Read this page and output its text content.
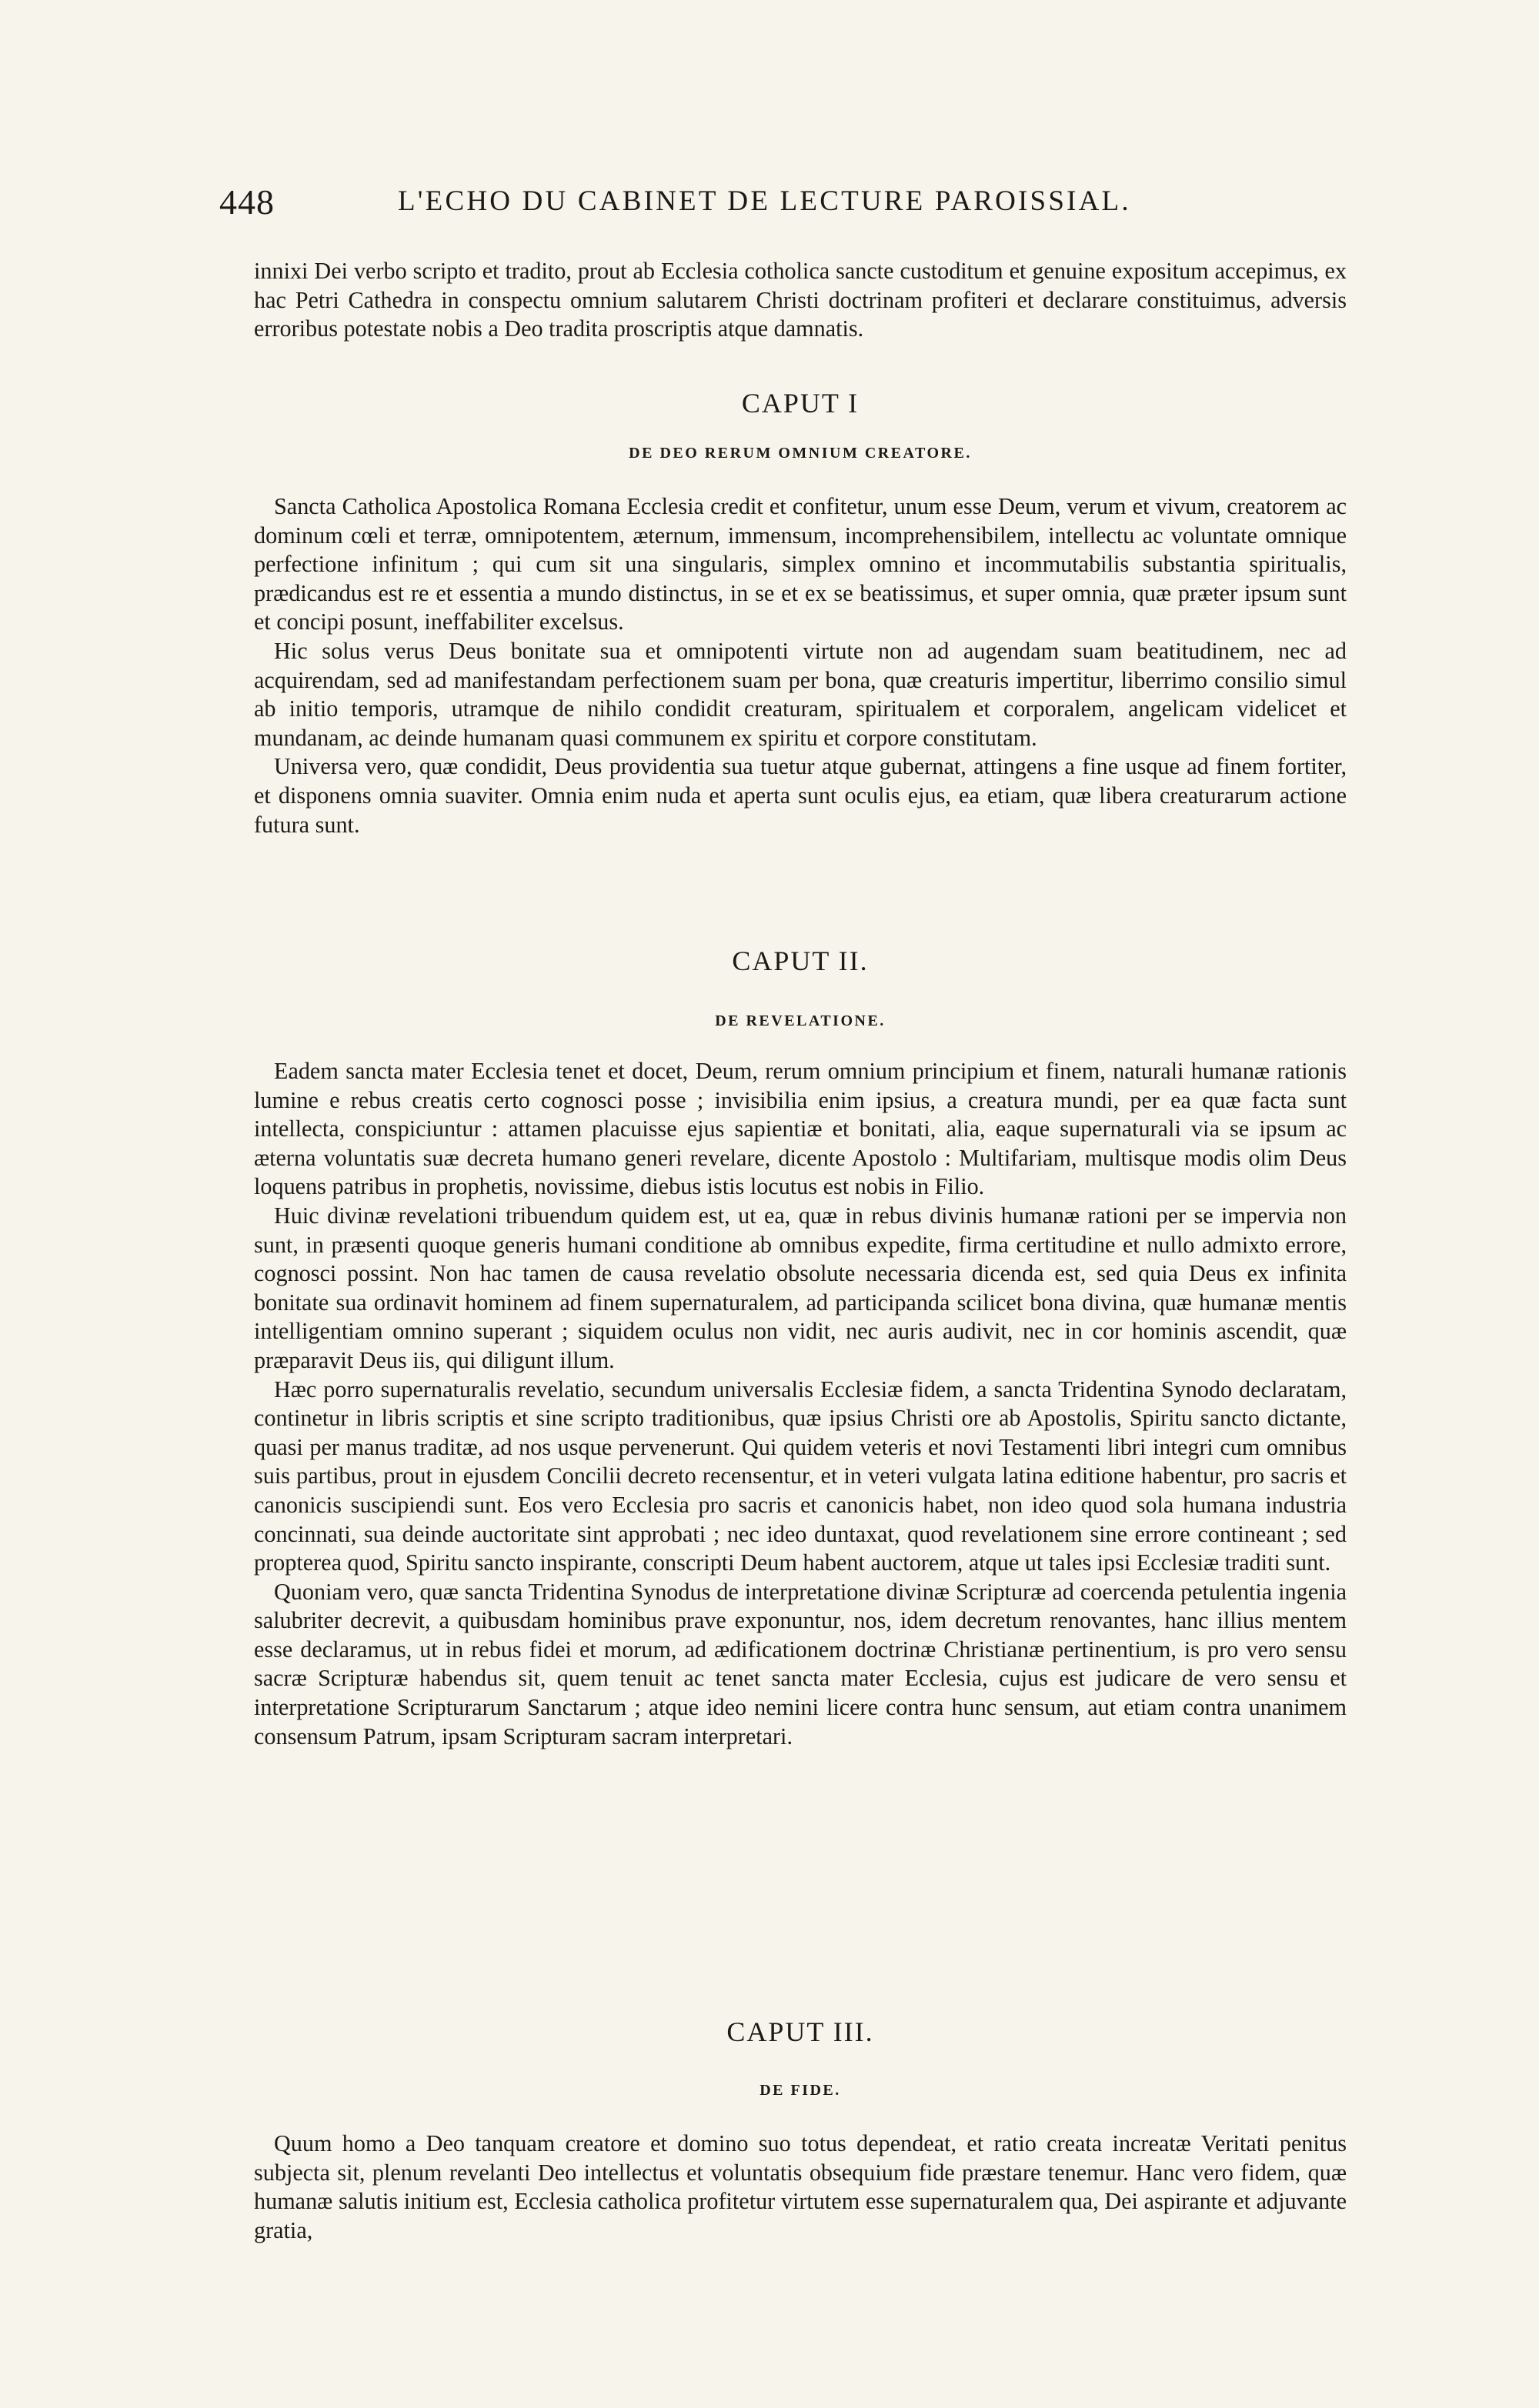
448	L'ECHO DU CABINET DE LECTURE PAROISSIAL.

innixi Dei verbo scripto et tradito, prout ab Ecclesia cotholica sancte custoditum et genuine expositum accepimus, ex hac Petri Cathedra in conspectu omnium salutarem Christi doctrinam profiteri et declarare constituimus, adversis erroribus potestate nobis a Deo tradita proscriptis atque damnatis.

CAPUT I

DE DEO RERUM OMNIUM CREATORE.

Sancta Catholica Apostolica Romana Ecclesia credit et confitetur, unum esse Deum, verum et vivum, creatorem ac dominum cœli et terræ, omnipotentem, æternum, immensum, incomprehensibilem, intellectu ac voluntate omnique perfectione infinitum ; qui cum sit una singularis, simplex omnino et incommutabilis substantia spiritualis, prædicandus est re et essentia a mundo distinctus, in se et ex se beatissimus, et super omnia, quæ præter ipsum sunt et concipi posunt, ineffabiliter excelsus.

Hic solus verus Deus bonitate sua et omnipotenti virtute non ad augendam suam beatitudinem, nec ad acquirendam, sed ad manifestandam perfectionem suam per bona, quæ creaturis impertitur, liberrimo consilio simul ab initio temporis, utramque de nihilo condidit creaturam, spiritualem et corporalem, angelicam videlicet et mundanam, ac deinde humanam quasi communem ex spiritu et corpore constitutam.

Universa vero, quæ condidit, Deus providentia sua tuetur atque gubernat, attingens a fine usque ad finem fortiter, et disponens omnia suaviter. Omnia enim nuda et aperta sunt oculis ejus, ea etiam, quæ libera creaturarum actione futura sunt.

CAPUT II.

DE REVELATIONE.

Eadem sancta mater Ecclesia tenet et docet, Deum, rerum omnium principium et finem, naturali humanæ rationis lumine e rebus creatis certo cognosci posse ; invisibilia enim ipsius, a creatura mundi, per ea quæ facta sunt intellecta, conspiciuntur : attamen placuisse ejus sapientiæ et bonitati, alia, eaque supernaturali via se ipsum ac æterna voluntatis suæ decreta humano generi revelare, dicente Apostolo : Multifariam, multisque modis olim Deus loquens patribus in prophetis, novissime, diebus istis locutus est nobis in Filio.

Huic divinæ revelationi tribuendum quidem est, ut ea, quæ in rebus divinis humanæ rationi per se impervia non sunt, in præsenti quoque generis humani conditione ab omnibus expedite, firma certitudine et nullo admixto errore, cognosci possint. Non hac tamen de causa revelatio obsolute necessaria dicenda est, sed quia Deus ex infinita bonitate sua ordinavit hominem ad finem supernaturalem, ad participanda scilicet bona divina, quæ humanæ mentis intelligentiam omnino superant ; siquidem oculus non vidit, nec auris audivit, nec in cor hominis ascendit, quæ præparavit Deus iis, qui diligunt illum.

Hæc porro supernaturalis revelatio, secundum universalis Ecclesiæ fidem, a sancta Tridentina Synodo declaratam, continetur in libris scriptis et sine scripto traditionibus, quæ ipsius Christi ore ab Apostolis, Spiritu sancto dictante, quasi per manus traditæ, ad nos usque pervenerunt. Qui quidem veteris et novi Testamenti libri integri cum omnibus suis partibus, prout in ejusdem Concilii decreto recensentur, et in veteri vulgata latina editione habentur, pro sacris et canonicis suscipiendi sunt. Eos vero Ecclesia pro sacris et canonicis habet, non ideo quod sola humana industria concinnati, sua deinde auctoritate sint approbati ; nec ideo duntaxat, quod revelationem sine errore contineant ; sed propterea quod, Spiritu sancto inspirante, conscripti Deum habent auctorem, atque ut tales ipsi Ecclesiæ traditi sunt.

Quoniam vero, quæ sancta Tridentina Synodus de interpretatione divinæ Scripturæ ad coercenda petulentia ingenia salubriter decrevit, a quibusdam hominibus prave exponuntur, nos, idem decretum renovantes, hanc illius mentem esse declaramus, ut in rebus fidei et morum, ad ædificationem doctrinæ Christianæ pertinentium, is pro vero sensu sacræ Scripturæ habendus sit, quem tenuit ac tenet sancta mater Ecclesia, cujus est judicare de vero sensu et interpretatione Scripturarum Sanctarum ; atque ideo nemini licere contra hunc sensum, aut etiam contra unanimem consensum Patrum, ipsam Scripturam sacram interpretari.

CAPUT III.

DE FIDE.

Quum homo a Deo tanquam creatore et domino suo totus dependeat, et ratio creata increatæ Veritati penitus subjecta sit, plenum revelanti Deo intellectus et voluntatis obsequium fide præstare tenemur. Hanc vero fidem, quæ humanæ salutis initium est, Ecclesia catholica profitetur virtutem esse supernaturalem qua, Dei aspirante et adjuvante gratia,
